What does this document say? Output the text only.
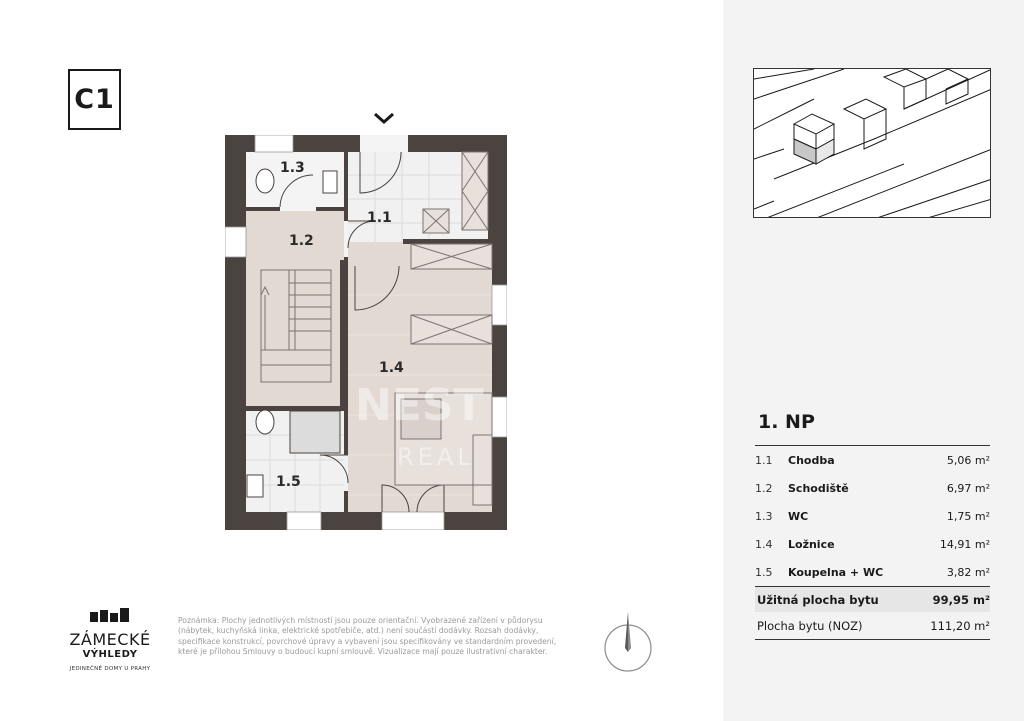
C1
NEST
REAL
1.3
1.2
1.1
1.4
1.5
1. NP
1.1	Chodba	5,06 m²
1.2	Schodiště	6,97 m²
1.3	WC	1,75 m²
1.4	Ložnice	14,91 m²
1.5	Koupelna + WC	3,82 m²
Užitná plocha bytu	99,95 m²
Plocha bytu (NOZ)	111,20 m²
ZÁMECKÉ
VÝHLEDY
JEDINEČNÉ DOMY U PRAHY
Poznámka: Plochy jednotlivých místností jsou pouze orientační. Vyobrazené zařízení v půdorysu (nábytek, kuchyňská linka, elektrické spotřebiče, atd.) není součástí dodávky. Rozsah dodávky, specifikace konstrukcí, povrchové úpravy a vybavení jsou specifikovány ve standardním provedení, které je přílohou Smlouvy o budoucí kupní smlouvě. Vizualizace mají pouze ilustrativní charakter.
